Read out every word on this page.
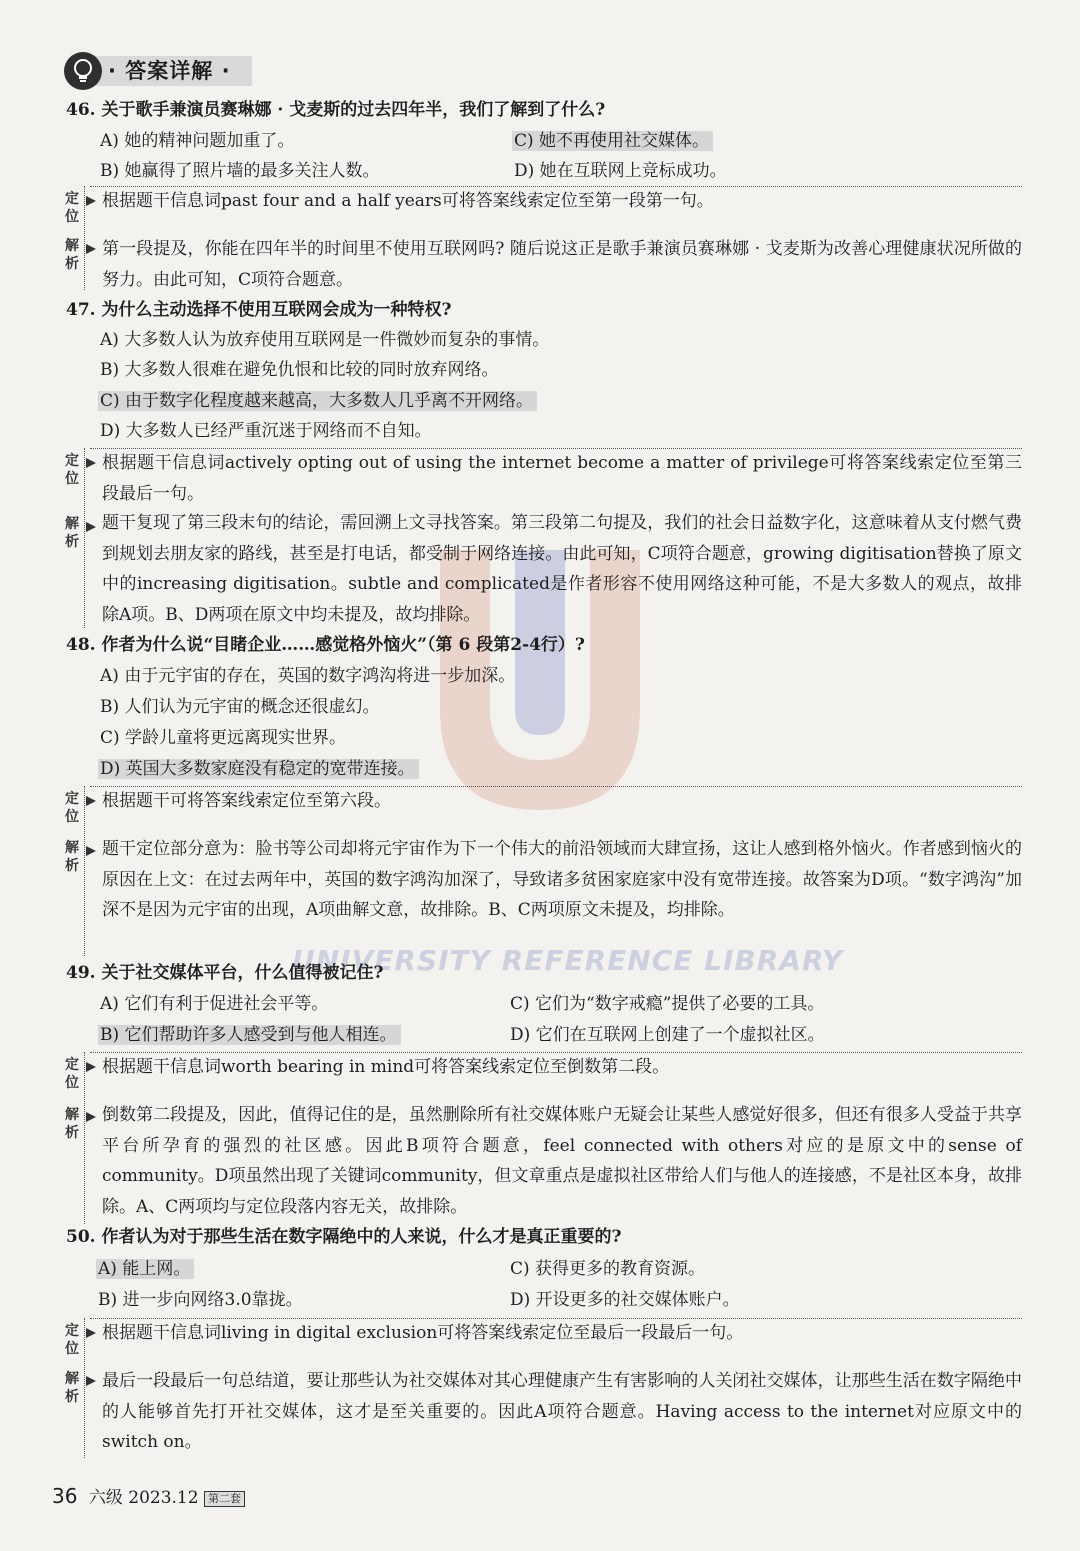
UNIVERSITY REFERENCE LIBRARY
· 答案详解 ·
46. 关于歌手兼演员赛琳娜 · 戈麦斯的过去四年半，我们了解到了什么?
A) 她的精神问题加重了。	C) 她不再使用社交媒体。
B) 她赢得了照片墙的最多关注人数。	D) 她在互联网上竞标成功。
定
位
根据题干信息词past four and a half years可将答案线索定位至第一段第一句。
解
析
第一段提及，你能在四年半的时间里不使用互联网吗? 随后说这正是歌手兼演员赛琳娜 · 戈麦斯为改善心理健康状况所做的努力。由此可知，C项符合题意。
47. 为什么主动选择不使用互联网会成为一种特权?
A) 大多数人认为放弃使用互联网是一件微妙而复杂的事情。
B) 大多数人很难在避免仇恨和比较的同时放弃网络。
C) 由于数字化程度越来越高，大多数人几乎离不开网络。
D) 大多数人已经严重沉迷于网络而不自知。
定
位
根据题干信息词actively opting out of using the internet become a matter of privilege可将答案线索定位至第三段最后一句。
解
析
题干复现了第三段末句的结论，需回溯上文寻找答案。第三段第二句提及，我们的社会日益数字化，这意味着从支付燃气费到规划去朋友家的路线，甚至是打电话，都受制于网络连接。由此可知，C项符合题意，growing digitisation替换了原文中的increasing digitisation。subtle and complicated是作者形容不使用网络这种可能，不是大多数人的观点，故排除A项。B、D两项在原文中均未提及，故均排除。
48. 作者为什么说“目睹企业……感觉格外恼火”（第 6 段第2-4行）?
A) 由于元宇宙的存在，英国的数字鸿沟将进一步加深。
B) 人们认为元宇宙的概念还很虚幻。
C) 学龄儿童将更远离现实世界。
D) 英国大多数家庭没有稳定的宽带连接。
定
位
根据题干可将答案线索定位至第六段。
解
析
题干定位部分意为：脸书等公司却将元宇宙作为下一个伟大的前沿领域而大肆宣扬，这让人感到格外恼火。作者感到恼火的原因在上文：在过去两年中，英国的数字鸿沟加深了，导致诸多贫困家庭家中没有宽带连接。故答案为D项。“数字鸿沟”加深不是因为元宇宙的出现，A项曲解文意，故排除。B、C两项原文未提及，均排除。
49. 关于社交媒体平台，什么值得被记住?
A) 它们有利于促进社会平等。	C) 它们为“数字戒瘾”提供了必要的工具。
B) 它们帮助许多人感受到与他人相连。	D) 它们在互联网上创建了一个虚拟社区。
定
位
根据题干信息词worth bearing in mind可将答案线索定位至倒数第二段。
解
析
倒数第二段提及，因此，值得记住的是，虽然删除所有社交媒体账户无疑会让某些人感觉好很多，但还有很多人受益于共享平台所孕育的强烈的社区感。因此B项符合题意，feel connected with others对应的是原文中的sense of community。D项虽然出现了关键词community，但文章重点是虚拟社区带给人们与他人的连接感，不是社区本身，故排除。A、C两项均与定位段落内容无关，故排除。
50. 作者认为对于那些生活在数字隔绝中的人来说，什么才是真正重要的?
A) 能上网。	C) 获得更多的教育资源。
B) 进一步向网络3.0靠拢。	D) 开设更多的社交媒体账户。
定
位
根据题干信息词living in digital exclusion可将答案线索定位至最后一段最后一句。
解
析
最后一段最后一句总结道，要让那些认为社交媒体对其心理健康产生有害影响的人关闭社交媒体，让那些生活在数字隔绝中的人能够首先打开社交媒体，这才是至关重要的。因此A项符合题意。Having access to the internet对应原文中的switch on。
36 六级 2023.12 第二套
